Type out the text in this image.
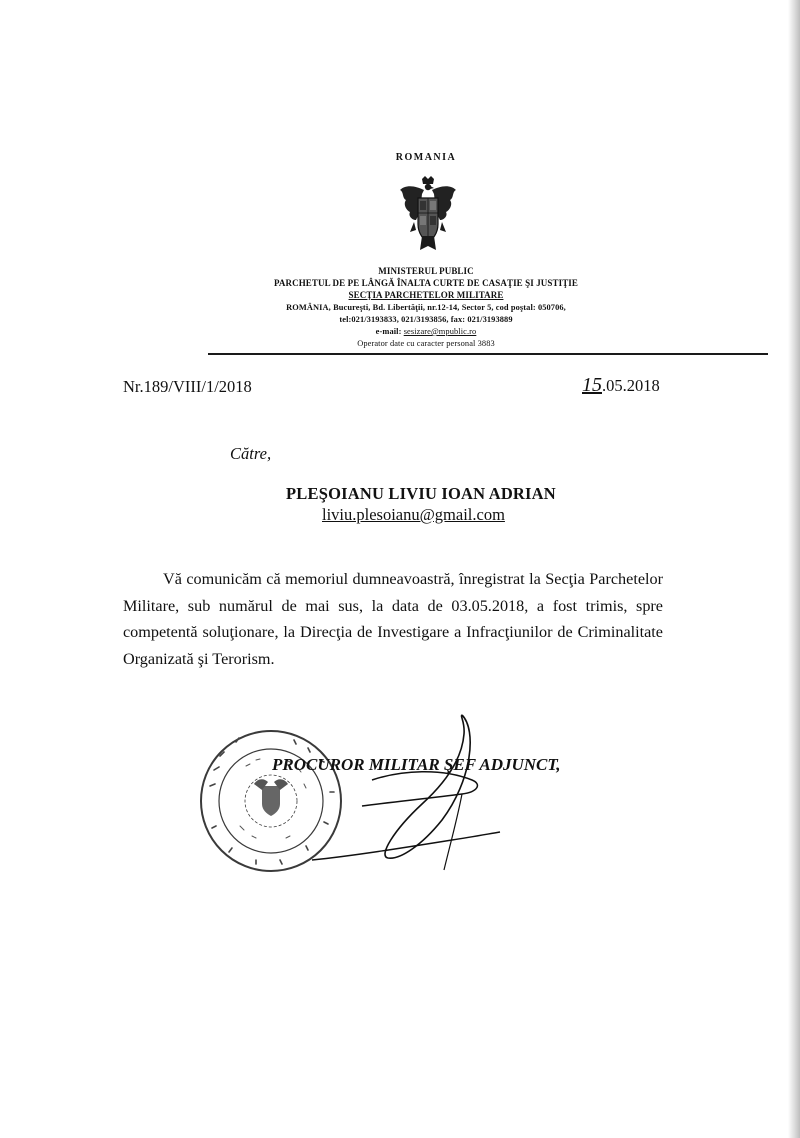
ROMANIA
MINISTERUL PUBLIC
PARCHETUL DE PE LÂNGĂ ÎNALTA CURTE DE CASAŢIE ŞI JUSTIŢIE
SECŢIA PARCHETELOR MILITARE
ROMÂNIA, Bucureşti, Bd. Libertăţii, nr.12-14, Sector 5, cod poştal: 050706,
tel:021/3193833, 021/3193856, fax: 021/3193889
e-mail: sesizare@mpublic.ro
Operator date cu caracter personal 3883
Nr.189/VIII/1/2018	15.05.2018
Către,
PLEŞOIANU LIVIU IOAN ADRIAN
liviu.plesoianu@gmail.com
Vă comunicăm că memoriul dumneavoastră, înregistrat la Secţia Parchetelor Militare, sub numărul de mai sus, la data de 03.05.2018, a fost trimis, spre competentă soluţionare, la Direcţia de Investigare a Infracţiunilor de Criminalitate Organizată şi Terorism.
PROCUROR MILITAR ŞEF ADJUNCT,
